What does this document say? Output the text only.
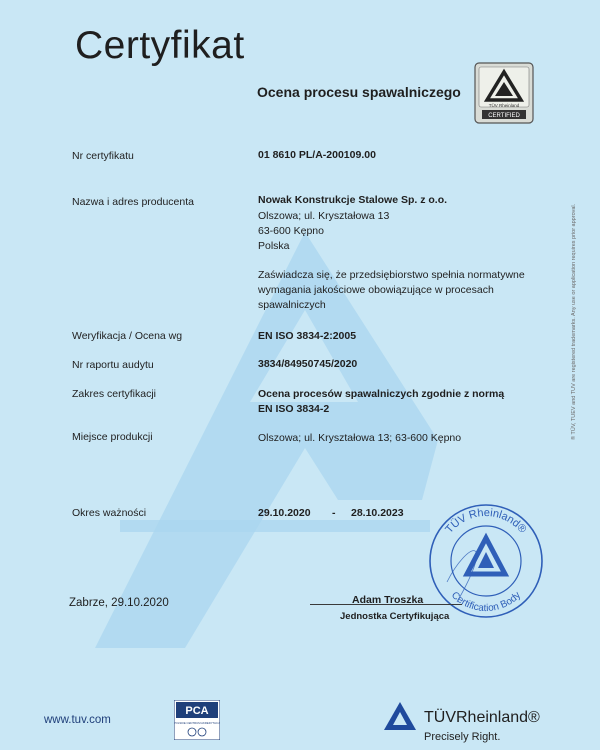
Certyfikat
Ocena procesu spawalniczego
CERTIFIED
TÜV Rheinland
Nr certyfikatu	01 8610 PL/A-200109.00
Nazwa i adres producenta	Nowak Konstrukcje Stalowe Sp. z o.o.
Olszowa; ul. Kryształowa 13
63-600 Kępno
Polska
Zaświadcza się, że przedsiębiorstwo spełnia normatywne
wymagania jakościowe obowiązujące w procesach
spawalniczych
Weryfikacja / Ocena wg	EN ISO 3834-2:2005
Nr raportu audytu	3834/84950745/2020
Zakres certyfikacji	Ocena procesów spawalniczych zgodnie z normą
EN ISO 3834-2
Miejsce produkcji	Olszowa; ul. Kryształowa 13; 63-600 Kępno
Okres ważności	29.10.2020 - 28.10.2023
TÜV Rheinland®
Certification Body
Zabrze, 29.10.2020	Adam Troszka
Jednostka Certyfikująca
® TÜV, TUEV and TUV are registered trademarks. Any use or application requires prior approval.
www.tuv.com
PCA
POLSKIE CENTRUM AKREDYTACJI	TÜVRheinland®
Precisely Right.
